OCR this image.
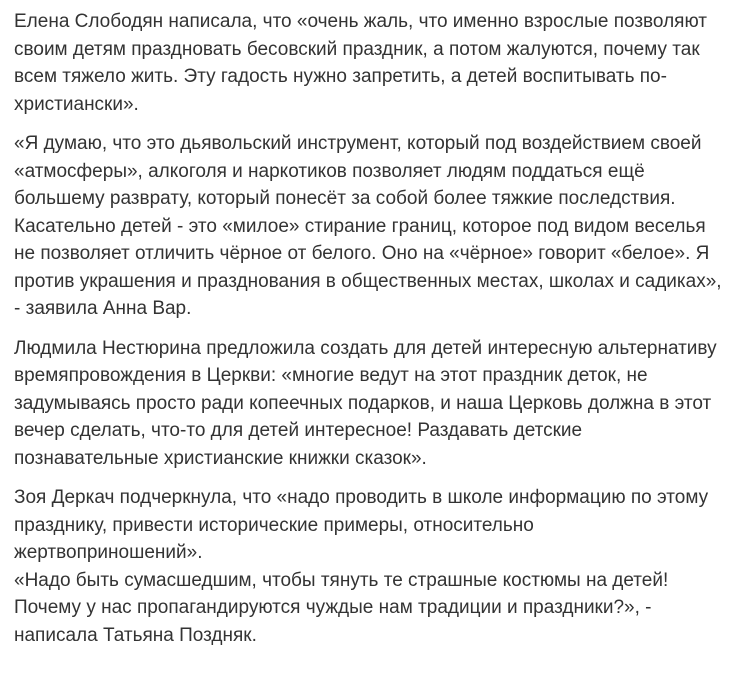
Елена Слободян написала, что «очень жаль, что именно взрослые позволяют своим детям праздновать бесовский праздник, а потом жалуются, почему так всем тяжело жить. Эту гадость нужно запретить, а детей воспитывать по-христиански».

«Я думаю, что это дьявольский инструмент, который под воздействием своей «атмосферы», алкоголя и наркотиков позволяет людям поддаться ещё большему разврату, который понесёт за собой более тяжкие последствия. Касательно детей - это «милое» стирание границ, которое под видом веселья не позволяет отличить чёрное от белого. Оно на «чёрное» говорит «белое». Я против украшения и празднования в общественных местах, школах и садиках», - заявила Анна Вар.

Людмила Нестюрина предложила создать для детей интересную альтернативу времяпровождения в Церкви: «многие ведут на этот праздник деток, не задумываясь просто ради копеечных подарков, и наша Церковь должна в этот вечер сделать, что-то для детей интересное! Раздавать детские познавательные христианские книжки сказок».

Зоя Деркач подчеркнула, что «надо проводить в школе информацию по этому празднику, привести исторические примеры, относительно жертвоприношений».

«Надо быть сумасшедшим, чтобы тянуть те страшные костюмы на детей! Почему у нас пропагандируются чуждые нам традиции и праздники?», - написала Татьяна Поздняк.
